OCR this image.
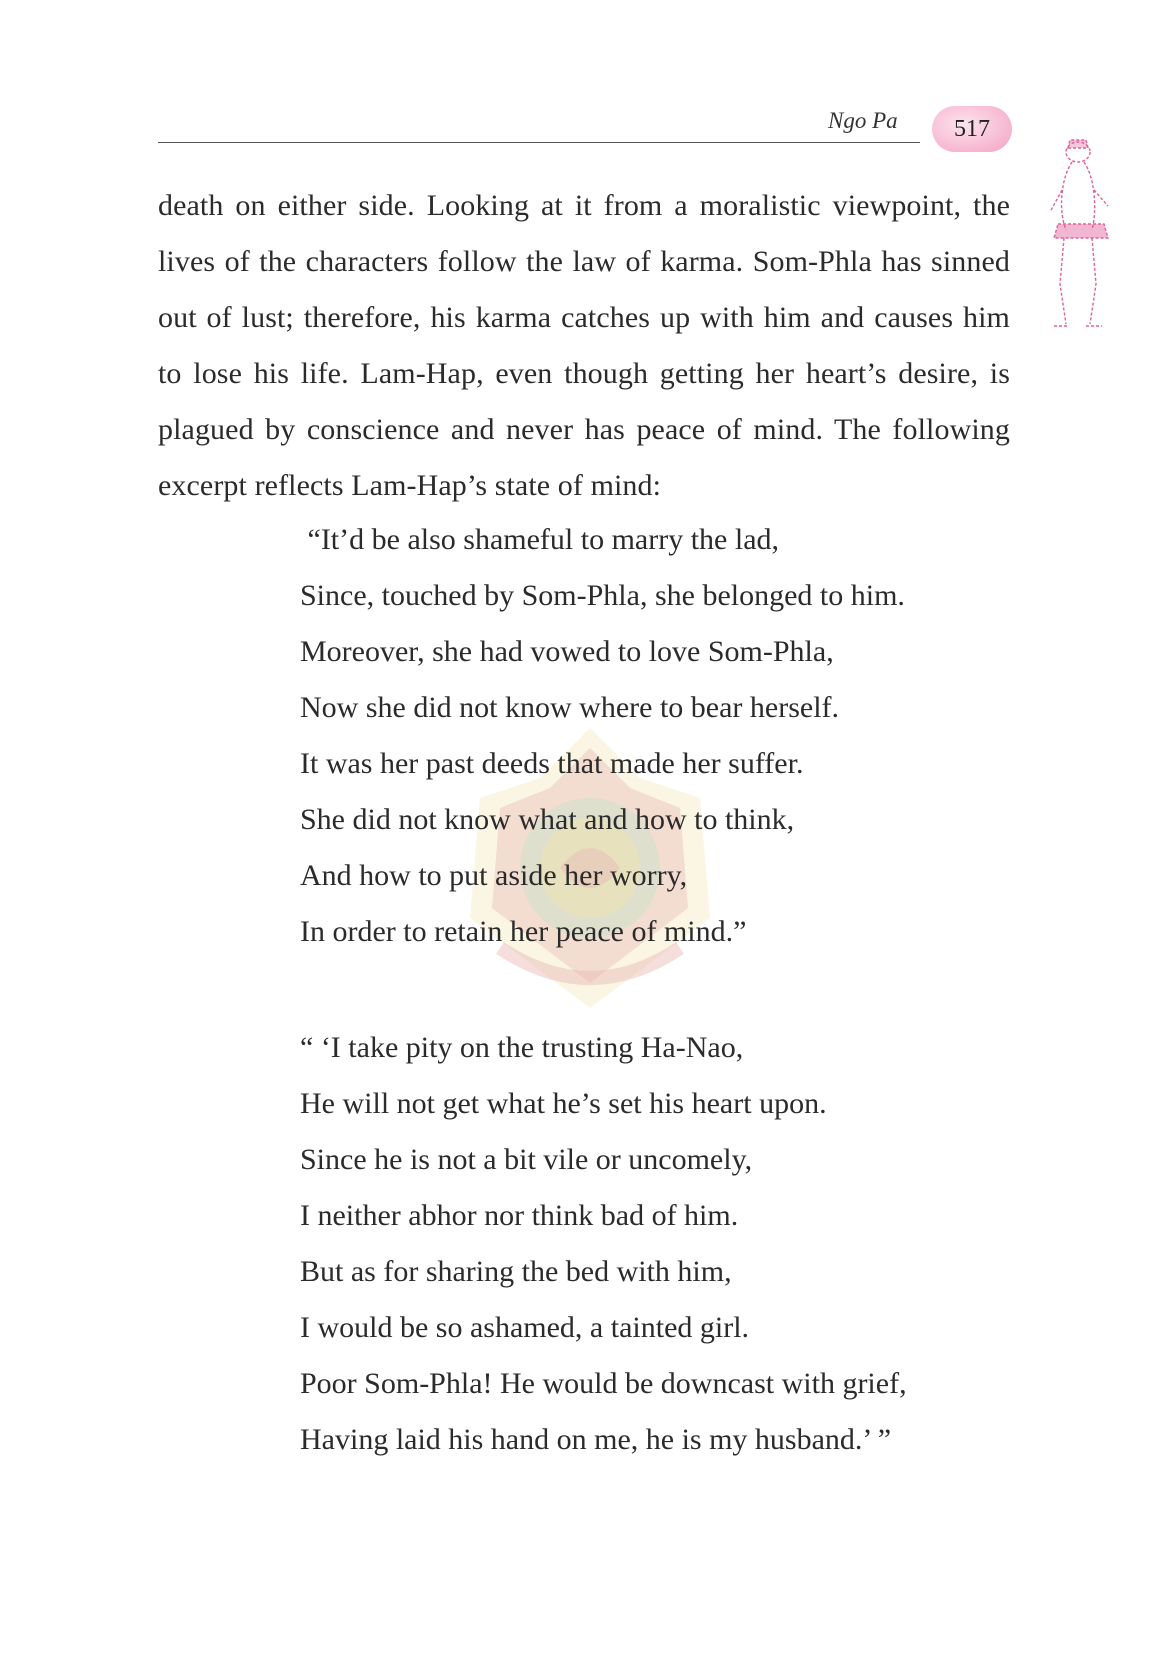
Ngo Pa	517

death on either side. Looking at it from a moralistic viewpoint, the lives of the characters follow the law of karma. Som-Phla has sinned out of lust; therefore, his karma catches up with him and causes him to lose his life. Lam-Hap, even though getting her heart’s desire, is plagued by conscience and never has peace of mind. The following excerpt reflects Lam-Hap’s state of mind:

“It’d be also shameful to marry the lad,
Since, touched by Som-Phla, she belonged to him.
Moreover, she had vowed to love Som-Phla,
Now she did not know where to bear herself.
It was her past deeds that made her suffer.
She did not know what and how to think,
And how to put aside her worry,
In order to retain her peace of mind.”
“ ‘I take pity on the trusting Ha-Nao,
He will not get what he’s set his heart upon.
Since he is not a bit vile or uncomely,
I neither abhor nor think bad of him.
But as for sharing the bed with him,
I would be so ashamed, a tainted girl.
Poor Som-Phla! He would be downcast with grief,
Having laid his hand on me, he is my husband.’ ”
